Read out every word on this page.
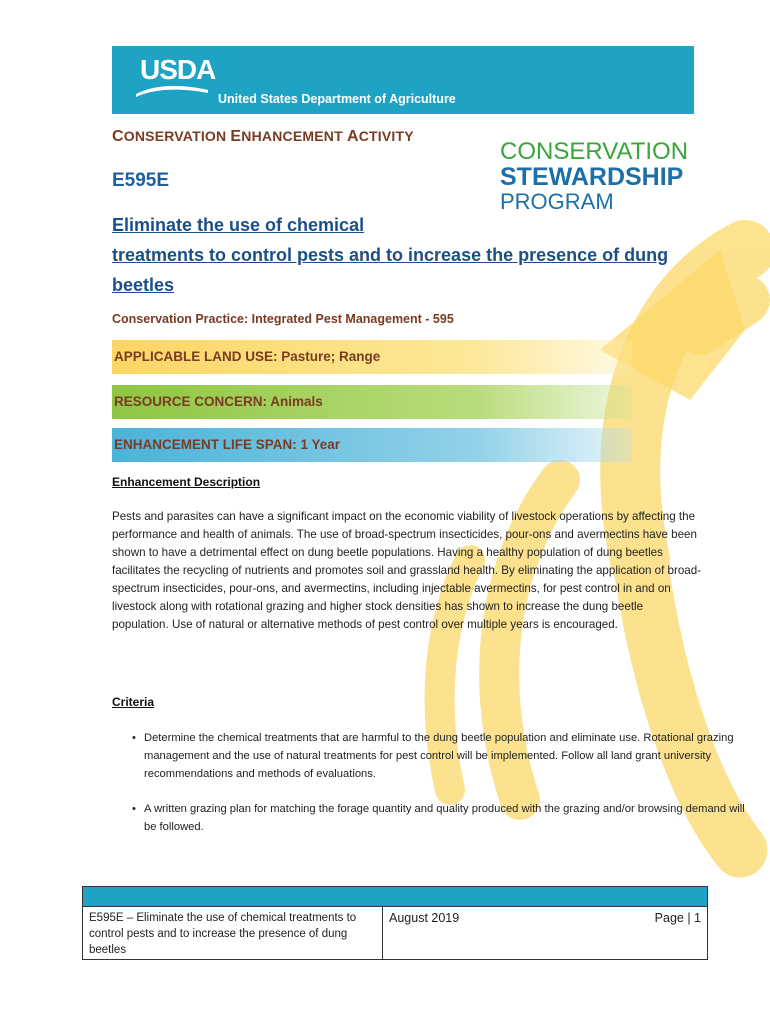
USDA
United States Department of Agriculture
CONSERVATION ENHANCEMENT ACTIVITY
CONSERVATION
STEWARDSHIP
PROGRAM
E595E
Eliminate the use of chemical
treatments to control pests and to increase the presence of dung
beetles
Conservation Practice: Integrated Pest Management - 595
APPLICABLE LAND USE: Pasture; Range
RESOURCE CONCERN: Animals
ENHANCEMENT LIFE SPAN: 1 Year
Enhancement Description
Pests and parasites can have a significant impact on the economic viability of livestock operations by affecting the performance and health of animals. The use of broad-spectrum insecticides, pour-ons and avermectins have been shown to have a detrimental effect on dung beetle populations. Having a healthy population of dung beetles facilitates the recycling of nutrients and promotes soil and grassland health. By eliminating the application of broad-spectrum insecticides, pour-ons, and avermectins, including injectable avermectins, for pest control in and on livestock along with rotational grazing and higher stock densities has shown to increase the dung beetle population. Use of natural or alternative methods of pest control over multiple years is encouraged.
Criteria
• Determine the chemical treatments that are harmful to the dung beetle population and eliminate use. Rotational grazing management and the use of natural treatments for pest control will be implemented. Follow all land grant university recommendations and methods of evaluations.
• A written grazing plan for matching the forage quantity and quality produced with the grazing and/or browsing demand will be followed.
E595E – Eliminate the use of chemical treatments to control pests and to increase the presence of dung beetles
August 2019	Page | 1
